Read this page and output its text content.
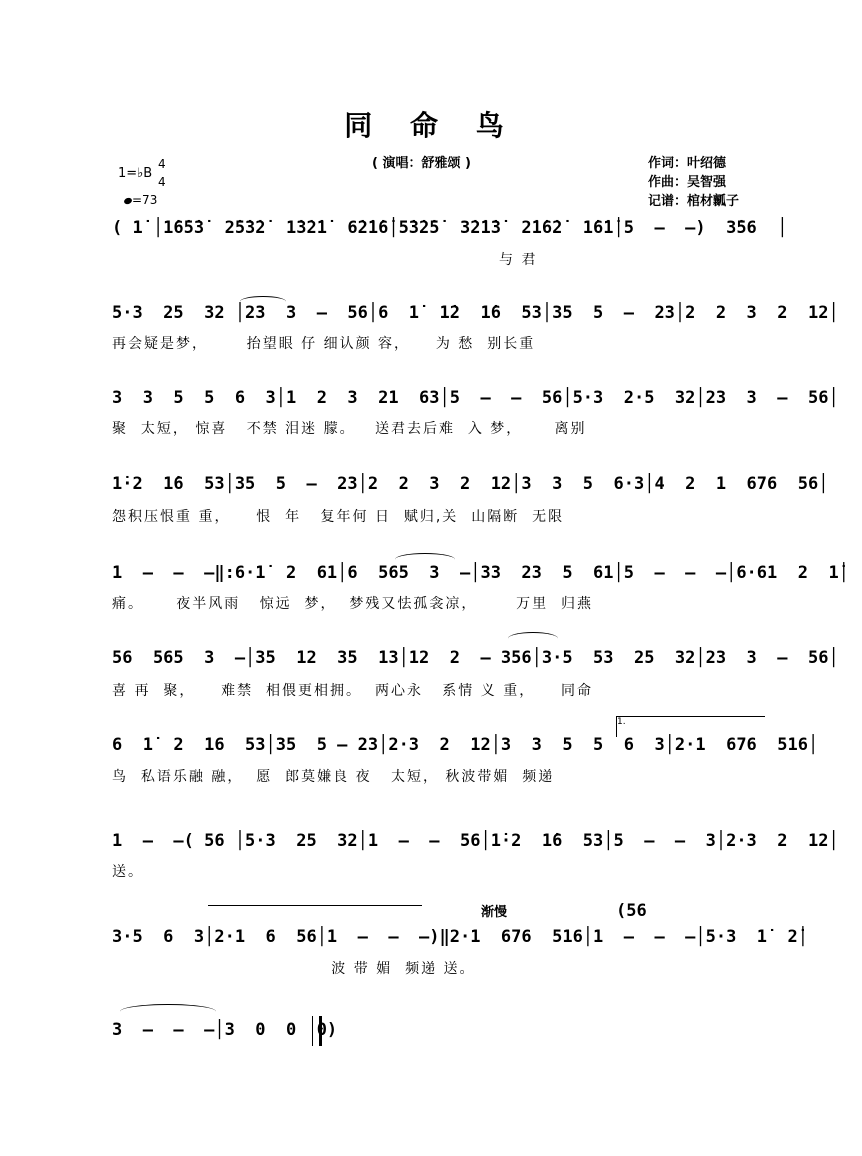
同 命 鸟
( 演唱：舒雅颂 )	作词：叶绍德
作曲：吴智强
记谱：棺材瓤子
1=♭B
4
4
=73
( 1̇ │1̇6̇5̇3̇  2̇5̇3̇2̇  1̇3̇2̇1̇  6̇2̇1̇6̇│5̇3̇2̇5̇  3̇2̇1̇3̇  2̇1̇6̇2̇  1̇6̇1̇│5  –  –)  3̇56  │
与 君
5·3  25  32 │23  3  –  56│6  1̇  1̇2  1̇6  53│35  5  –  23│2  2  3  2  12│
再会疑是梦，      抬望眼 仔 细认颜 容，    为 愁  别长重
3  3  5  5  6  3│1  2  3  21  63│5  –  –  56│5·3  2·5  32│23  3  –  56│
聚  太短， 惊喜   不禁 泪迷 朦。   送君去后难  入 梦，     离别
1̇·2  1̇6  53│35  5  –  23│2  2  3  2  12│3  3  5  6·3│4  2  1  676  56│
怨积压恨重 重，    恨  年   复年何 日  赋归,关  山隔断  无限
1  –  –  –‖:6·1̇  2  61│6  565  3  –│33  23  5  61│5  –  –  –│6·61  2  1̇│
痛。     夜半风雨   惊远  梦，  梦残又怯孤衾凉，      万里  归燕
56  565  3  –│35  12  35  13│12  2  – 356│3·5  53  25  32│23  3  –  56│
喜 再  聚，    难禁  相偎更相拥。  两心永   系情 义 重，    同命
1.
6  1̇  2  16  53│35  5 – 23│2·3  2  12│3  3  5  5  6  3│2·1  676  516│
鸟  私语乐融 融，  愿  郎莫嫌良 夜   太短， 秋波带媚  频递
1  –  –( 56 │5·3  25  32│1  –  –  56│1̇·2  1̇6  53│5  –  –  3│2·3  2  12│
送。
渐慢	(56
3·5  6  3│2·1  6  56│1  –  –  –)‖2·1  676  516│1  –  –  –│5·3  1̇  2̇│
波 带 媚  频递 送。
3  –  –  –│3  0  0  0)
